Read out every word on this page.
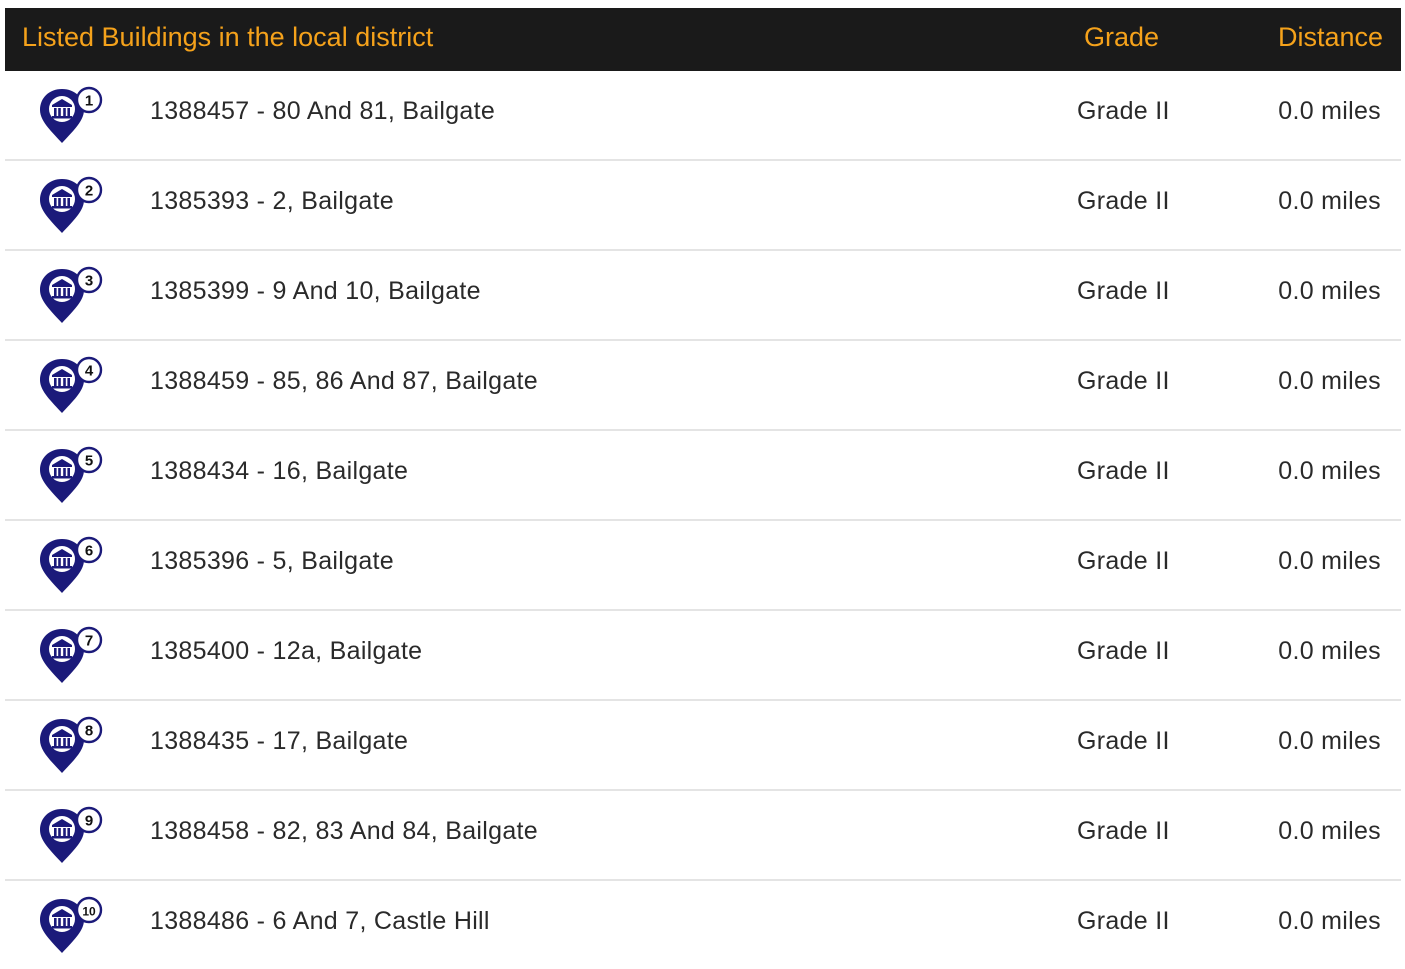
Listed Buildings in the local district	Grade	Distance
1 1388457 - 80 And 81, Bailgate	Grade II	0.0 miles
2 1385393 - 2, Bailgate	Grade II	0.0 miles
3 1385399 - 9 And 10, Bailgate	Grade II	0.0 miles
4 1388459 - 85, 86 And 87, Bailgate	Grade II	0.0 miles
5 1388434 - 16, Bailgate	Grade II	0.0 miles
6 1385396 - 5, Bailgate	Grade II	0.0 miles
7 1385400 - 12a, Bailgate	Grade II	0.0 miles
8 1388435 - 17, Bailgate	Grade II	0.0 miles
9 1388458 - 82, 83 And 84, Bailgate	Grade II	0.0 miles
10 1388486 - 6 And 7, Castle Hill	Grade II	0.0 miles
